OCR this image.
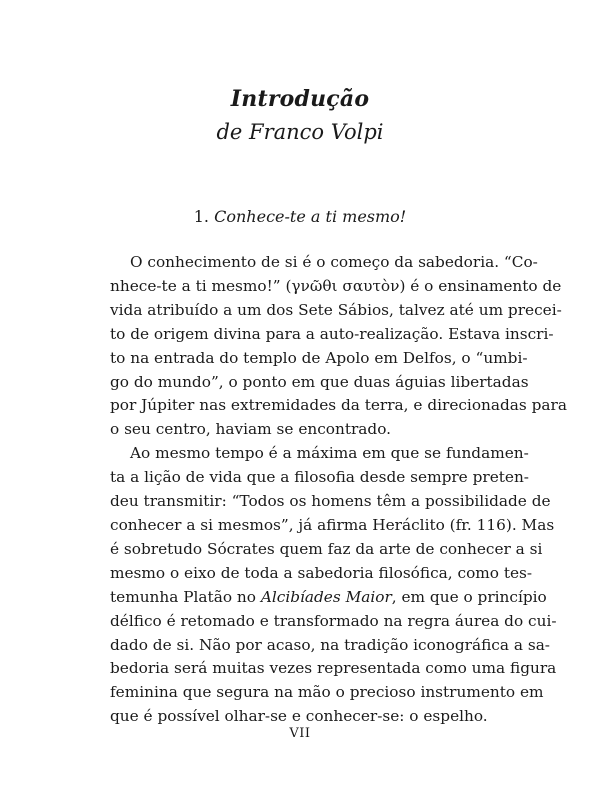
Introdução
de Franco Volpi
1. Conhece-te a ti mesmo!
O conhecimento de si é o começo da sabedoria. “Co-
nhece-te a ti mesmo!” (γνῶθι σαυτὸν) é o ensinamento de
vida atribuído a um dos Sete Sábios, talvez até um precei-
to de origem divina para a auto-realização. Estava inscri-
to na entrada do templo de Apolo em Delfos, o “umbi-
go do mundo”, o ponto em que duas águias libertadas
por Júpiter nas extremidades da terra, e direcionadas para
o seu centro, haviam se encontrado.
Ao mesmo tempo é a máxima em que se fundamen-
ta a lição de vida que a filosofia desde sempre preten-
deu transmitir: “Todos os homens têm a possibilidade de
conhecer a si mesmos”, já afirma Heráclito (fr. 116). Mas
é sobretudo Sócrates quem faz da arte de conhecer a si
mesmo o eixo de toda a sabedoria filosófica, como tes-
temunha Platão no Alcibíades Maior, em que o princípio
délfico é retomado e transformado na regra áurea do cui-
dado de si. Não por acaso, na tradição iconográfica a sa-
bedoria será muitas vezes representada como uma figura
feminina que segura na mão o precioso instrumento em
que é possível olhar-se e conhecer-se: o espelho.
VII
